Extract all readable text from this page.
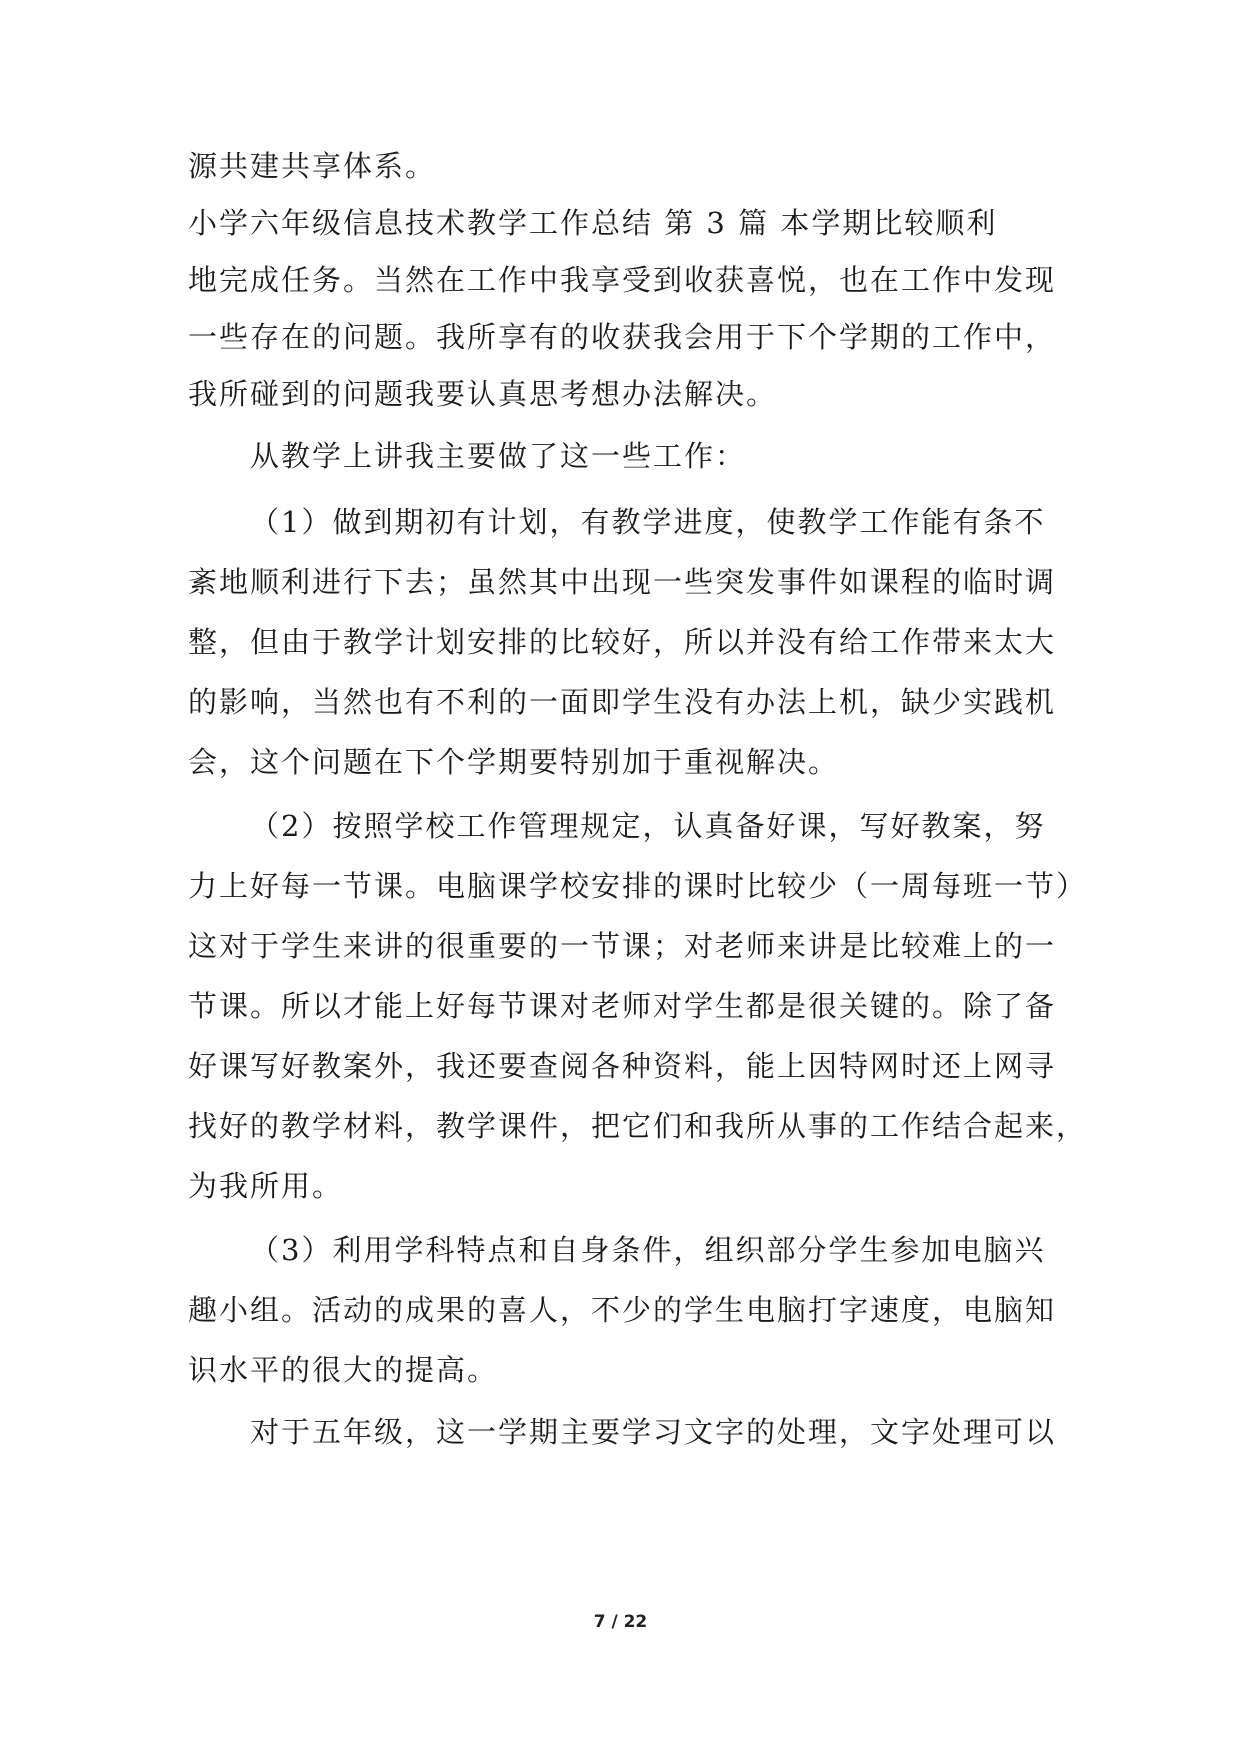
源共建共享体系。
小学六年级信息技术教学工作总结 第 3 篇 本学期比较顺利
地完成任务。当然在工作中我享受到收获喜悦，也在工作中发现
一些存在的问题。我所享有的收获我会用于下个学期的工作中，
我所碰到的问题我要认真思考想办法解决。
从教学上讲我主要做了这一些工作：
（1）做到期初有计划，有教学进度，使教学工作能有条不
紊地顺利进行下去；虽然其中出现一些突发事件如课程的临时调
整，但由于教学计划安排的比较好，所以并没有给工作带来太大
的影响，当然也有不利的一面即学生没有办法上机，缺少实践机
会，这个问题在下个学期要特别加于重视解决。
（2）按照学校工作管理规定，认真备好课，写好教案，努
力上好每一节课。电脑课学校安排的课时比较少（一周每班一节）
这对于学生来讲的很重要的一节课；对老师来讲是比较难上的一
节课。所以才能上好每节课对老师对学生都是很关键的。除了备
好课写好教案外，我还要查阅各种资料，能上因特网时还上网寻
找好的教学材料，教学课件，把它们和我所从事的工作结合起来，
为我所用。
（3）利用学科特点和自身条件，组织部分学生参加电脑兴
趣小组。活动的成果的喜人，不少的学生电脑打字速度，电脑知
识水平的很大的提高。
对于五年级，这一学期主要学习文字的处理，文字处理可以
7 / 22
